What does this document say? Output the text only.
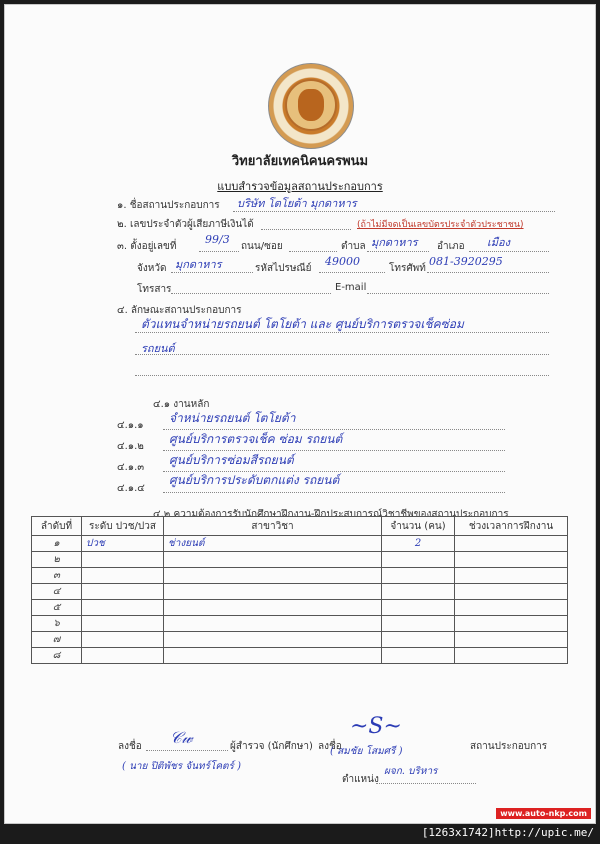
วิทยาลัยเทคนิคนครพนม
แบบสำรวจข้อมูลสถานประกอบการ
๑. ชื่อสถานประกอบการ บริษัท โตโยต้า มุกดาหาร
๒. เลขประจำตัวผู้เสียภาษีเงินได้	(ถ้าไม่มีจดเป็นเลขบัตรประจำตัวประชาชน)
๓. ตั้งอยู่เลขที่
99/3
ถนน/ซอย	ตำบล มุกดาหาร อำเภอ เมือง
จังหวัด มุกดาหาร	รหัสไปรษณีย์
49000
โทรศัพท์
081-3920295
โทรสาร	E-mail
๔. ลักษณะสถานประกอบการ
ตัวแทนจำหน่ายรถยนต์ โตโยต้า และ ศูนย์บริการตรวจเช็คซ่อม
รถยนต์
๔.๑ งานหลัก
๔.๑.๑
จำหน่ายรถยนต์ โตโยต้า
๔.๑.๒
ศูนย์บริการตรวจเช็ค ซ่อม รถยนต์
๔.๑.๓
ศูนย์บริการซ่อมสีรถยนต์
๔.๑.๔
ศูนย์บริการประดับตกแต่ง รถยนต์
๔.๒ ความต้องการรับนักศึกษาฝึกงาน-ฝึกประสบการณ์วิชาชีพของสถานประกอบการ
ลำดับที่	ระดับ ปวช/ปวส	สาขาวิชา	จำนวน (คน)	ช่วงเวลาการฝึกงาน
๑	ปวช	ช่างยนต์	2	
๒				
๓				
๔				
๕				
๖				
๗				
๘				
ลงชื่อ 𝒞𝓌	ผู้สำรวจ (นักศึกษา)
( นาย ปิติพัชร จันทร์โคตร์ )
ลงชื่อ
~S~
สถานประกอบการ
( สมชัย โสมศรี )
ตำแหน่ง
ผจก. บริหาร
www.auto-nkp.com
[1263x1742]http://upic.me/
